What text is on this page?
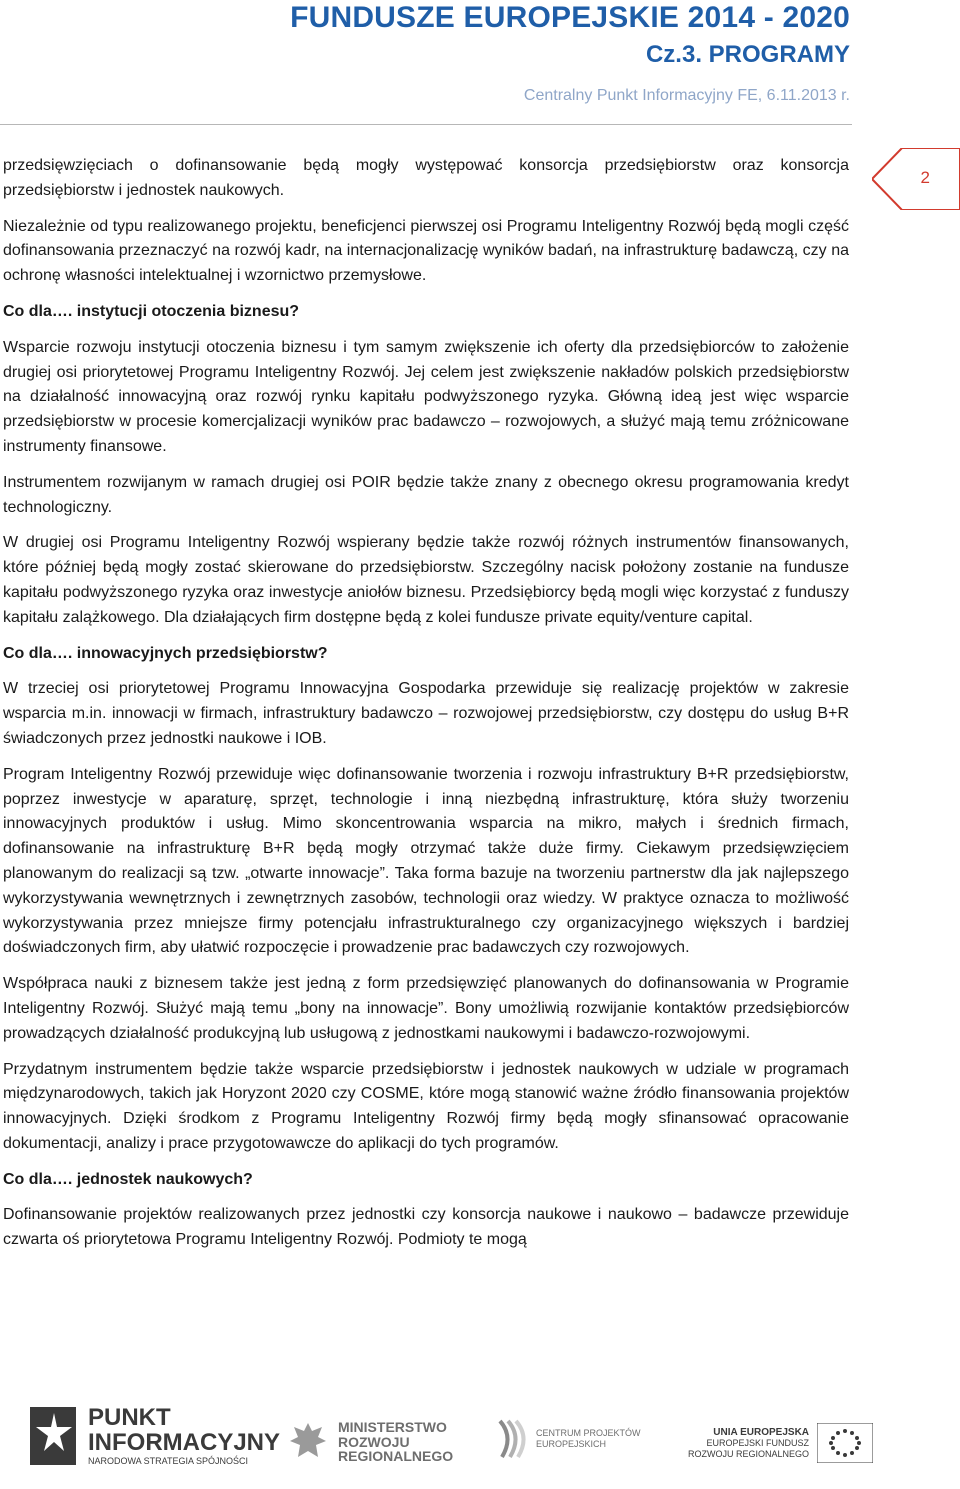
FUNDUSZE EUROPEJSKIE 2014 - 2020
Cz.3. PROGRAMY
Centralny Punkt Informacyjny FE, 6.11.2013 r.
2

przedsięwzięciach o dofinansowanie będą mogły występować konsorcja przedsiębiorstw oraz konsorcja przedsiębiorstw i jednostek naukowych.

Niezależnie od typu realizowanego projektu, beneficjenci pierwszej osi Programu Inteligentny Rozwój będą mogli część dofinansowania przeznaczyć na rozwój kadr, na internacjonalizację wyników badań, na infrastrukturę badawczą, czy na ochronę własności intelektualnej i wzornictwo przemysłowe.

Co dla…. instytucji otoczenia biznesu?

Wsparcie rozwoju instytucji otoczenia biznesu i tym samym zwiększenie ich oferty dla przedsiębiorców to założenie drugiej osi priorytetowej Programu Inteligentny Rozwój. Jej celem jest zwiększenie nakładów polskich przedsiębiorstw na działalność innowacyjną oraz rozwój rynku kapitału podwyższonego ryzyka. Główną ideą jest więc wsparcie przedsiębiorstw w procesie komercjalizacji wyników prac badawczo – rozwojowych, a służyć mają temu zróżnicowane instrumenty finansowe.

Instrumentem rozwijanym w ramach drugiej osi POIR będzie także znany z obecnego okresu programowania kredyt technologiczny.

W drugiej osi Programu Inteligentny Rozwój wspierany będzie także rozwój różnych instrumentów finansowanych, które później będą mogły zostać skierowane do przedsiębiorstw. Szczególny nacisk położony zostanie na fundusze kapitału podwyższonego ryzyka oraz inwestycje aniołów biznesu. Przedsiębiorcy będą mogli więc korzystać z funduszy kapitału zalążkowego. Dla działających firm dostępne będą z kolei fundusze private equity/venture capital.

Co dla…. innowacyjnych przedsiębiorstw?

W trzeciej osi priorytetowej Programu Innowacyjna Gospodarka przewiduje się realizację projektów w zakresie wsparcia m.in. innowacji w firmach, infrastruktury badawczo – rozwojowej przedsiębiorstw, czy dostępu do usług B+R świadczonych przez jednostki naukowe i IOB.

Program Inteligentny Rozwój przewiduje więc dofinansowanie tworzenia i rozwoju infrastruktury B+R przedsiębiorstw, poprzez inwestycje w aparaturę, sprzęt, technologie i inną niezbędną infrastrukturę, która służy tworzeniu innowacyjnych produktów i usług. Mimo skoncentrowania wsparcia na mikro, małych i średnich firmach, dofinansowanie na infrastrukturę B+R będą mogły otrzymać także duże firmy. Ciekawym przedsięwzięciem planowanym do realizacji są tzw. „otwarte innowacje”. Taka forma bazuje na tworzeniu partnerstw dla jak najlepszego wykorzystywania wewnętrznych i zewnętrznych zasobów, technologii oraz wiedzy. W praktyce oznacza to możliwość wykorzystywania przez mniejsze firmy potencjału infrastrukturalnego czy organizacyjnego większych i bardziej doświadczonych firm, aby ułatwić rozpoczęcie i prowadzenie prac badawczych czy rozwojowych.

Współpraca nauki z biznesem także jest jedną z form przedsięwzięć planowanych do dofinansowania w Programie Inteligentny Rozwój. Służyć mają temu „bony na innowacje”. Bony umożliwią rozwijanie kontaktów przedsiębiorców prowadzących działalność produkcyjną lub usługową z jednostkami naukowymi i badawczo-rozwojowymi.

Przydatnym instrumentem będzie także wsparcie przedsiębiorstw i jednostek naukowych w udziale w programach międzynarodowych, takich jak Horyzont 2020 czy COSME, które mogą stanowić ważne źródło finansowania projektów innowacyjnych. Dzięki środkom z Programu Inteligentny Rozwój firmy będą mogły sfinansować opracowanie dokumentacji, analizy i prace przygotowawcze do aplikacji do tych programów.

Co dla…. jednostek naukowych?

Dofinansowanie projektów realizowanych przez jednostki czy konsorcja naukowe i naukowo – badawcze przewiduje czwarta oś priorytetowa Programu Inteligentny Rozwój. Podmioty te mogą

PUNKT
INFORMACYJNY
NARODOWA STRATEGIA SPÓJNOŚCI
MINISTERSTWO
ROZWOJU
REGIONALNEGO
CENTRUM PROJEKTÓW
EUROPEJSKICH
UNIA EUROPEJSKA
EUROPEJSKI FUNDUSZ
ROZWOJU REGIONALNEGO
